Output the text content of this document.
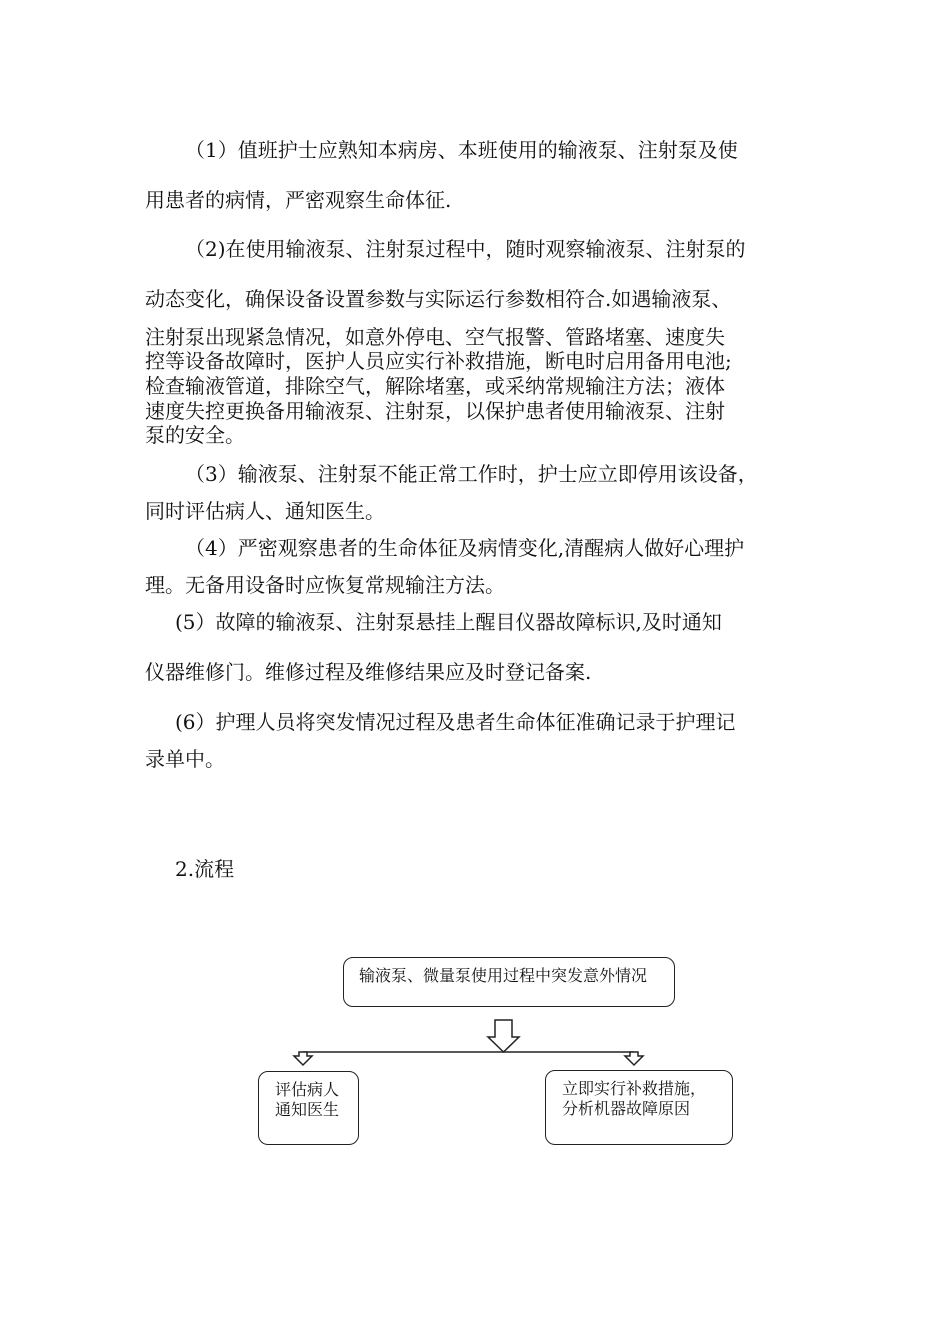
（1）值班护士应熟知本病房、本班使用的输液泵、注射泵及使
用患者的病情，严密观察生命体征.
（2)在使用输液泵、注射泵过程中，随时观察输液泵、注射泵的
动态变化，确保设备设置参数与实际运行参数相符合.如遇输液泵、
注射泵出现紧急情况，如意外停电、空气报警、管路堵塞、速度失
控等设备故障时，医护人员应实行补救措施，断电时启用备用电池;
检查输液管道，排除空气，解除堵塞，或采纳常规输注方法；液体
速度失控更换备用输液泵、注射泵，以保护患者使用输液泵、注射
泵的安全。
（3）输液泵、注射泵不能正常工作时，护士应立即停用该设备，
同时评估病人、通知医生。
（4）严密观察患者的生命体征及病情变化,清醒病人做好心理护
理。无备用设备时应恢复常规输注方法。
(5）故障的输液泵、注射泵悬挂上醒目仪器故障标识,及时通知
仪器维修门。维修过程及维修结果应及时登记备案.
(6）护理人员将突发情况过程及患者生命体征准确记录于护理记
录单中。
2.流程
输液泵、微量泵使用过程中突发意外情况
评估病人
通知医生
立即实行补救措施，
分析机器故障原因
